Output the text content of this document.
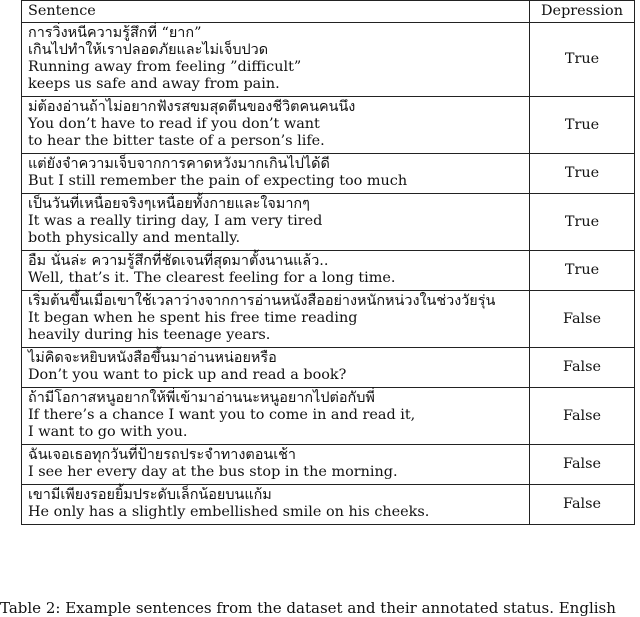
Sentence	Depression

การวิ่งหนีความรู้สึกที่ “ยาก”
เกินไปทำให้เราปลอดภัยและไม่เจ็บปวด
Running away from feeling ”difficult”
keeps us safe and away from pain.	True

ม่ต้องอ่านถ้าไม่อยากฟังรสขมสุดตีนของชีวิตคนคนนึง
You don’t have to read if you don’t want
to hear the bitter taste of a person’s life.	True

แต่ยังจำความเจ็บจากการคาดหวังมากเกินไปได้ดี
But I still remember the pain of expecting too much	True

เป็นวันที่เหนื่อยจริงๆเหนื่อยทั้งกายและใจมากๆ
It was a really tiring day, I am very tired
both physically and mentally.	True

อืม นั่นล่ะ ความรู้สึกที่ชัดเจนที่สุดมาตั้งนานแล้ว..
Well, that’s it. The clearest feeling for a long time.	True

เริ่มต้นขึ้นเมื่อเขาใช้เวลาว่างจากการอ่านหนังสืออย่างหนักหน่วงในช่วงวัยรุ่น
It began when he spent his free time reading
heavily during his teenage years.	False

ไม่คิดจะหยิบหนังสือขึ้นมาอ่านหน่อยหรือ
Don’t you want to pick up and read a book?	False

ถ้ามีโอกาสหนูอยากให้พี่เข้ามาอ่านนะหนูอยากไปต่อกับพี่
If there’s a chance I want you to come in and read it,
I want to go with you.	False

ฉันเจอเธอทุกวันที่ป้ายรถประจำทางตอนเช้า
I see her every day at the bus stop in the morning.	False

เขามีเพียงรอยยิ้มประดับเล็กน้อยบนแก้ม
He only has a slightly embellished smile on his cheeks.	False
Table 2: Example sentences from the dataset and their annotated status. English
